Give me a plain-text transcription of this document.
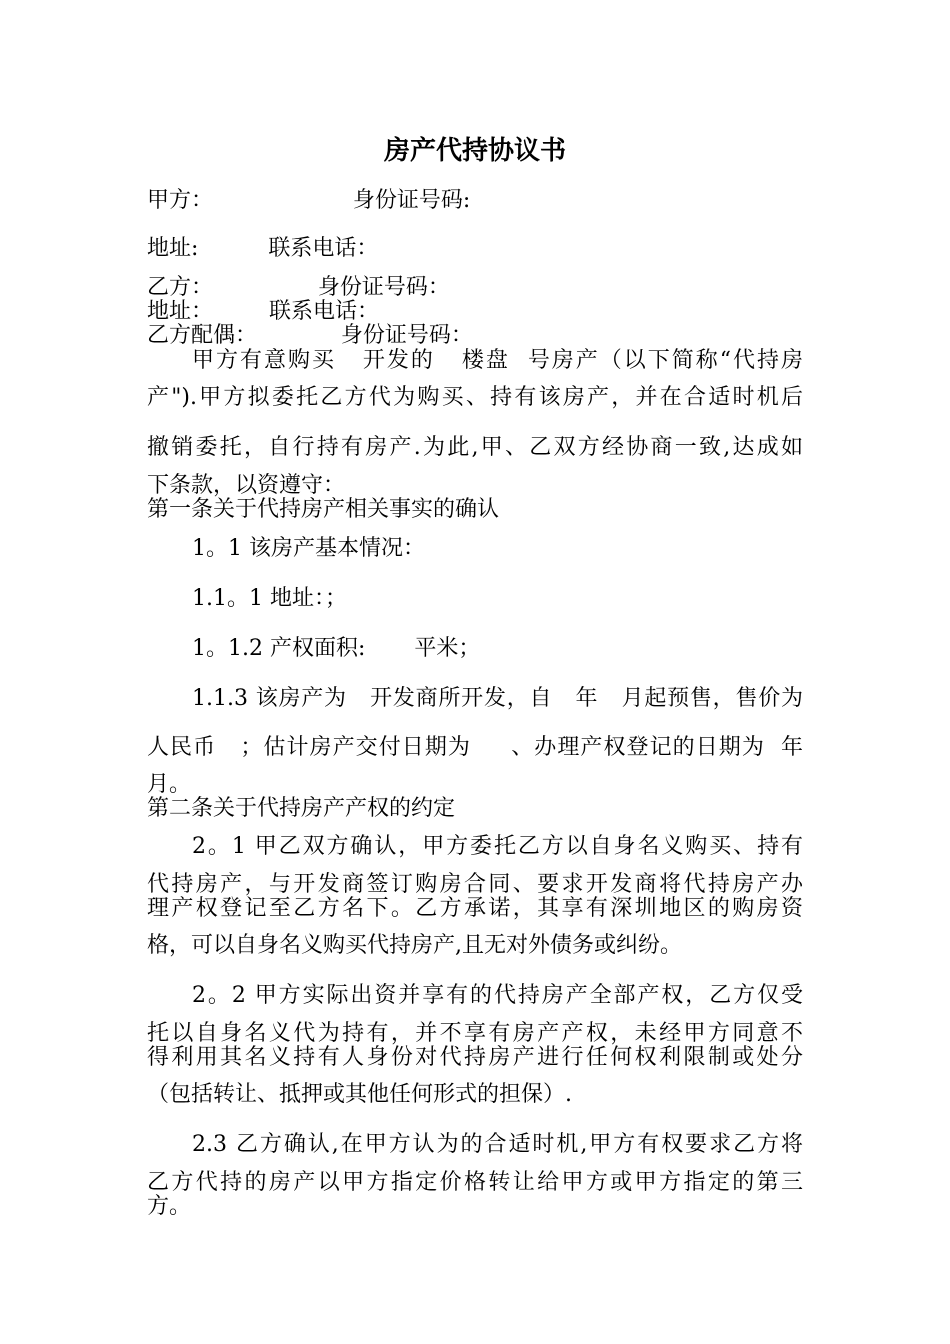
房产代持协议书
甲方：                    身份证号码:
地址:          联系电话：
乙方：               身份证号码：
地址：        联系电话：
乙方配偶：            身份证号码：
甲方有意购买   开发的   楼盘  号房产（以下简称“代持房
产").甲方拟委托乙方代为购买、持有该房产，并在合适时机后
撤销委托，自行持有房产.为此,甲、乙双方经协商一致,达成如
下条款，以资遵守：
第一条关于代持房产相关事实的确认
1。1 该房产基本情况：
1.1。1 地址：；
1。1.2 产权面积:       平米；
1.1.3 该房产为   开发商所开发，自   年   月起预售，售价为
人民币   ；估计房产交付日期为     、办理产权登记的日期为  年
月。
第二条关于代持房产产权的约定
2。1 甲乙双方确认，甲方委托乙方以自身名义购买、持有
代持房产，与开发商签订购房合同、要求开发商将代持房产办
理产权登记至乙方名下。乙方承诺，其享有深圳地区的购房资
格，可以自身名义购买代持房产,且无对外债务或纠纷。
2。2 甲方实际出资并享有的代持房产全部产权，乙方仅受
托以自身名义代为持有，并不享有房产产权，未经甲方同意不
得利用其名义持有人身份对代持房产进行任何权利限制或处分
（包括转让、抵押或其他任何形式的担保）.
2.3 乙方确认,在甲方认为的合适时机,甲方有权要求乙方将
乙方代持的房产以甲方指定价格转让给甲方或甲方指定的第三
方。
